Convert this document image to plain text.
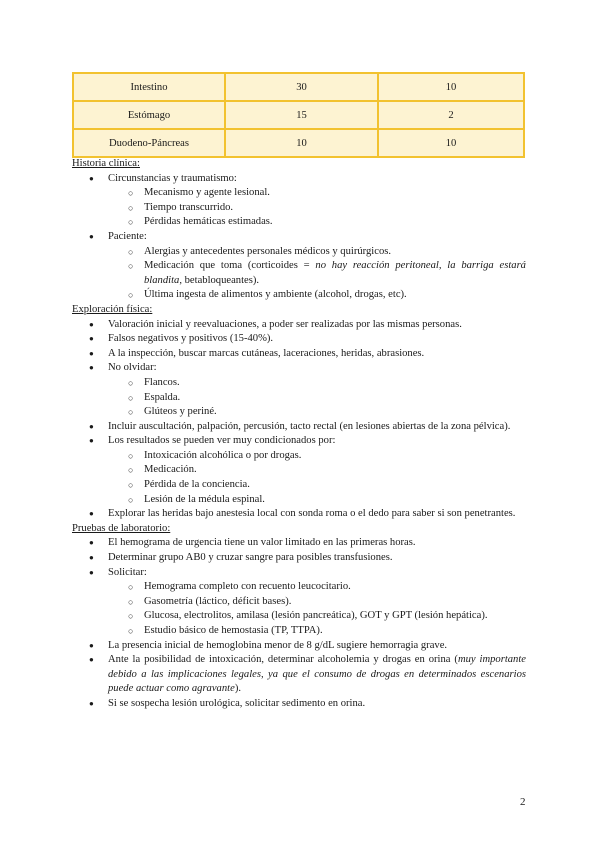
Intestino	30	10
Estómago	15	2
Duodeno-Páncreas	10	10

Historia clínica:

● Circunstancias y traumatismo:
○ Mecanismo y agente lesional.
○ Tiempo transcurrido.
○ Pérdidas hemáticas estimadas.
● Paciente:
○ Alergias y antecedentes personales médicos y quirúrgicos.
○ Medicación que toma (corticoides = no hay reacción peritoneal, la barriga estará blandita, betabloqueantes).
○ Última ingesta de alimentos y ambiente (alcohol, drogas, etc).

Exploración física:

● Valoración inicial y reevaluaciones, a poder ser realizadas por las mismas personas.
● Falsos negativos y positivos (15-40%).
● A la inspección, buscar marcas cutáneas, laceraciones, heridas, abrasiones.
● No olvidar:
○ Flancos.
○ Espalda.
○ Glúteos y periné.
● Incluir auscultación, palpación, percusión, tacto rectal (en lesiones abiertas de la zona pélvica).
● Los resultados se pueden ver muy condicionados por:
○ Intoxicación alcohólica o por drogas.
○ Medicación.
○ Pérdida de la conciencia.
○ Lesión de la médula espinal.
● Explorar las heridas bajo anestesia local con sonda roma o el dedo para saber si son penetrantes.

Pruebas de laboratorio:

● El hemograma de urgencia tiene un valor limitado en las primeras horas.
● Determinar grupo AB0 y cruzar sangre para posibles transfusiones.
● Solicitar:
○ Hemograma completo con recuento leucocitario.
○ Gasometría (láctico, déficit bases).
○ Glucosa, electrolitos, amilasa (lesión pancreática), GOT y GPT (lesión hepática).
○ Estudio básico de hemostasia (TP, TTPA).
● La presencia inicial de hemoglobina menor de 8 g/dL sugiere hemorragia grave.
● Ante la posibilidad de intoxicación, determinar alcoholemia y drogas en orina (muy importante debido a las implicaciones legales, ya que el consumo de drogas en determinados escenarios puede actuar como agravante).
● Si se sospecha lesión urológica, solicitar sedimento en orina.
2
